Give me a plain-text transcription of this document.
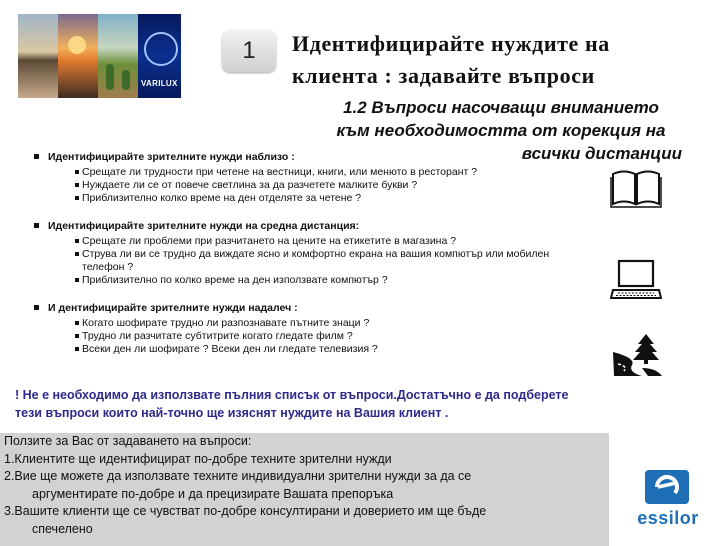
VARILUX
1	Идентифицирайте нуждите на
клиента : задавайте въпроси
1.2 Въпроси насочващи вниманието
към необходимостта от корекция на
всички дистанции
Идентифицирайте зрителните нужди наблизо :
Срещате ли трудности при четене на вестници, книги, или менюто в ресторант ?
Нуждаете ли се от повече светлина за да разчетете малките букви ?
Приблизително колко време на ден отделяте за четене ?
Идентифицирайте зрителните нужди на средна дистанция:
Срещате ли проблеми при разчитането на цените на етикетите в магазина ?
Струва ли ви се трудно да виждате ясно и комфортно екрана на вашия компютър или мобилен телефон ?
Приблизително по колко време на ден използвате компютър ?
И дентифицирайте зрителните нужди надалеч :
Когато шофирате трудно ли разпознавате пътните знаци ?
Трудно ли разчитате субтитрите когато гледате филм ?
Всеки ден ли шофирате ? Всеки ден ли гледате телевизия ?
! Не е необходимо да използвате пълния списък от въпроси.Достатъчно е да подберете
тези въпроси които най-точно ще изяснят нуждите на Вашия клиент .
Ползите за Вас от задаването на въпроси:
1.Клиентите ще идентифицират по-добре техните зрителни нужди
2.Вие ще можете да използвате техните индивидуални зрителни нужди за да се
аргументирате по-добре и да прецизирате Вашата препоръка
3.Вашите клиенти ще се чувстват по-добре консултирани и доверието им ще бъде
спечелено
essilor
